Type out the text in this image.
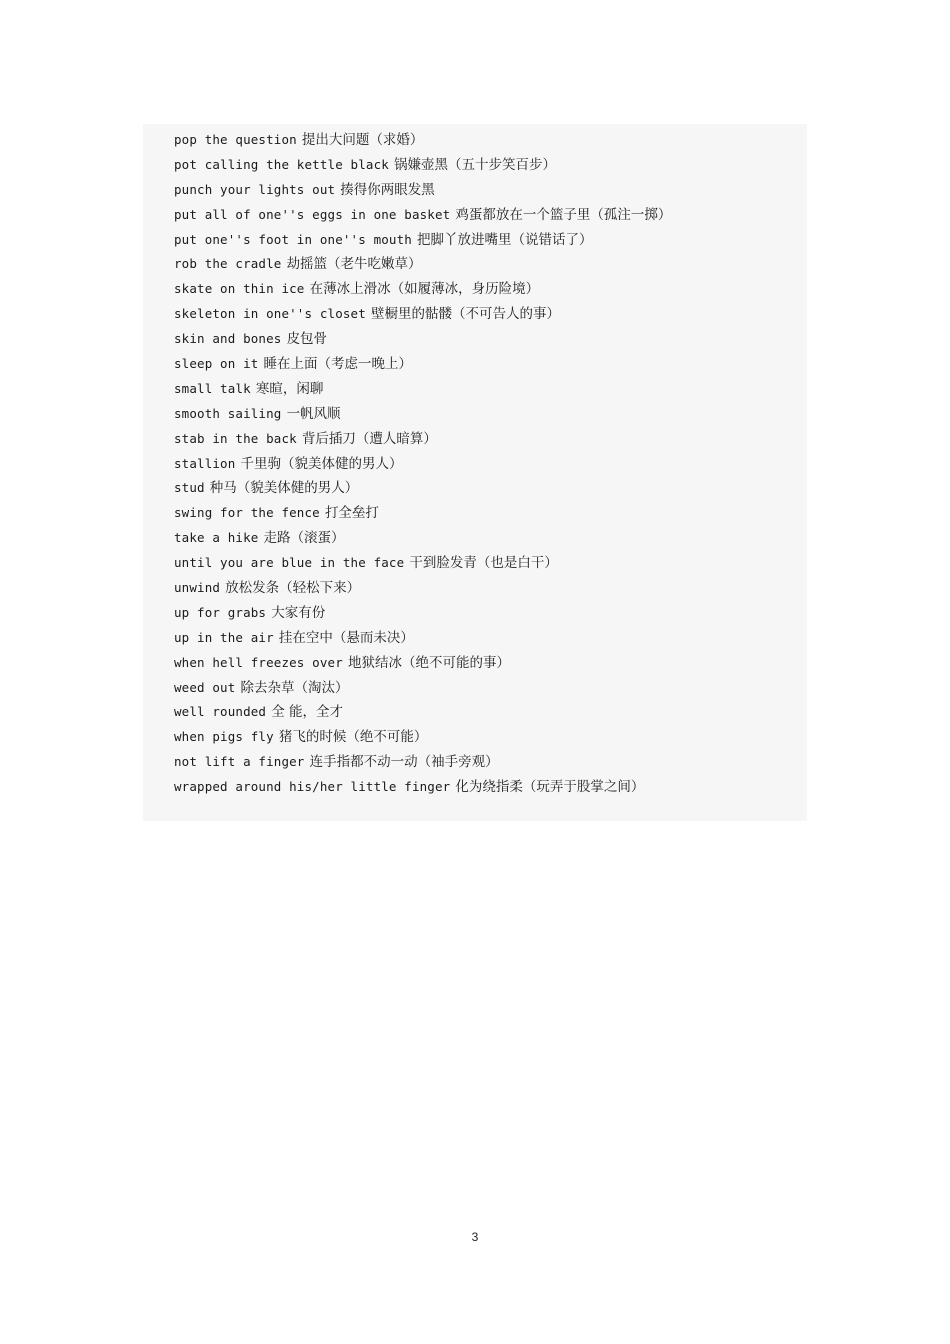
pop the question 提出大问题（求婚）
pot calling the kettle black 锅嫌壶黑（五十步笑百步）
punch your lights out 揍得你两眼发黑
put all of one''s eggs in one basket 鸡蛋都放在一个篮子里（孤注一掷）
put one''s foot in one''s mouth 把脚丫放进嘴里（说错话了）
rob the cradle 劫摇篮（老牛吃嫩草）
skate on thin ice 在薄冰上滑冰（如履薄冰，身历险境）
skeleton in one''s closet 壁橱里的骷髅（不可告人的事）
skin and bones 皮包骨
sleep on it 睡在上面（考虑一晚上）
small talk 寒暄，闲聊
smooth sailing 一帆风顺
stab in the back 背后插刀（遭人暗算）
stallion 千里驹（貌美体健的男人）
stud 种马（貌美体健的男人）
swing for the fence 打全垒打
take a hike 走路（滚蛋）
until you are blue in the face 干到脸发青（也是白干）
unwind 放松发条（轻松下来）
up for grabs 大家有份
up in the air 挂在空中（悬而未决）
when hell freezes over 地狱结冰（绝不可能的事）
weed out 除去杂草（淘汰）
well rounded 全 能，全才
when pigs fly 猪飞的时候（绝不可能）
not lift a finger 连手指都不动一动（袖手旁观）
wrapped around his/her little finger 化为绕指柔（玩弄于股掌之间）
3
